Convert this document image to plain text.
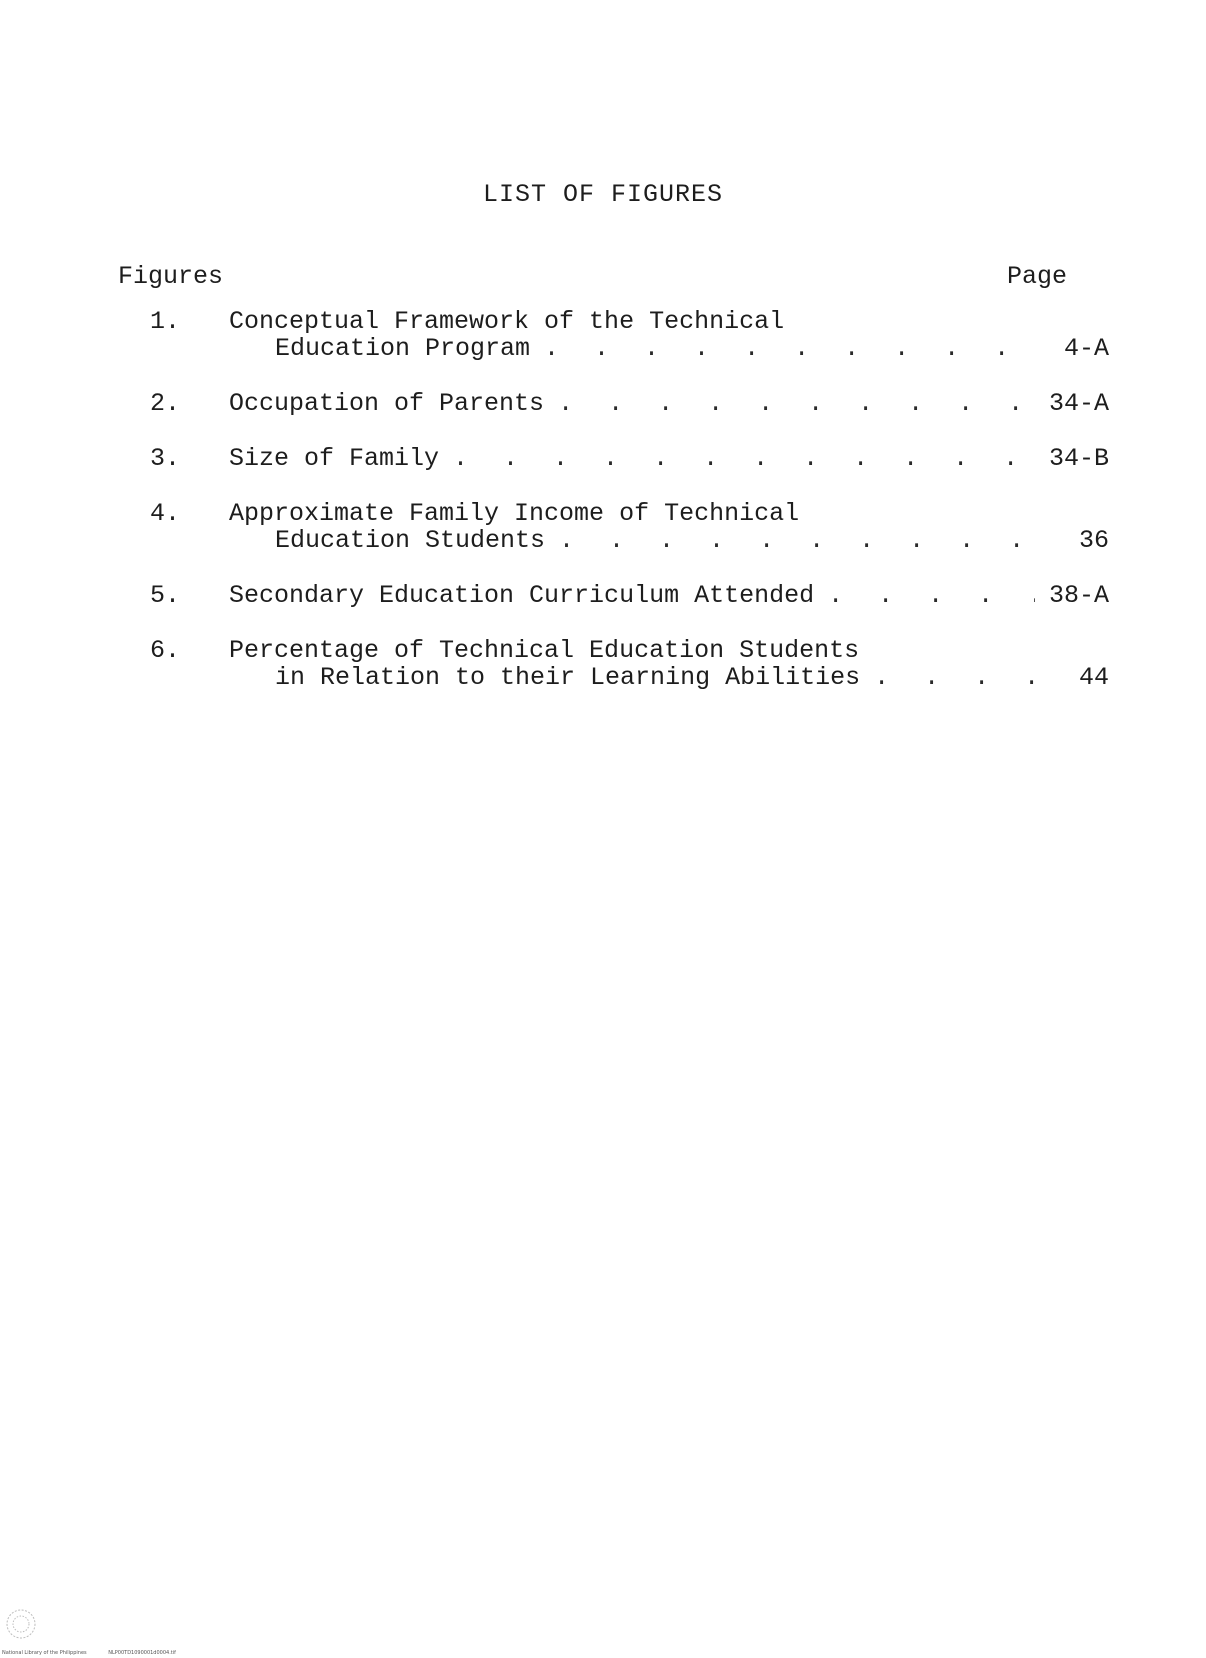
LIST OF FIGURES
Figures	Page
1. Conceptual Framework of the Technical
Education Program . . .	4-A
2. Occupation of Parents . . .	34-A
3. Size of Family . . .	34-B
4. Approximate Family Income of Technical
Education Students . . .	36
5. Secondary Education Curriculum Attended . . .	38-A
6. Percentage of Technical Education Students
in Relation to their Learning Abilities . . .	44
National Library of the Philippines	NLP00TD1090001d0004.tif
